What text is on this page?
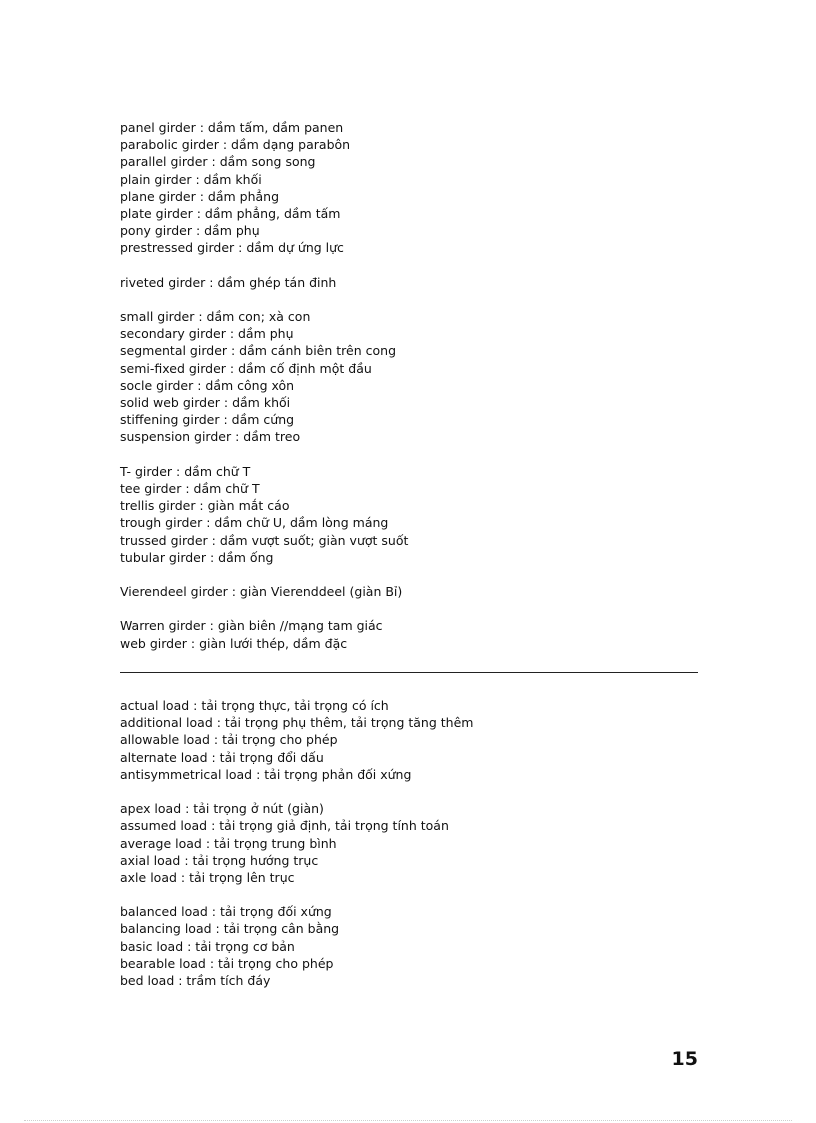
panel girder : dầm tấm, dầm panen
parabolic girder : dầm dạng parabôn
parallel girder : dầm song song
plain girder : dầm khối
plane girder : dầm phẳng
plate girder : dầm phẳng, dầm tấm
pony girder : dầm phụ
prestressed girder : dầm dự ứng lực
riveted girder : dầm ghép tán đinh
small girder : dầm con; xà con
secondary girder : dầm phụ
segmental girder : dầm cánh biên trên cong
semi-fixed girder : dầm cố định một đầu
socle girder : dầm công xôn
solid web girder : dầm khối
stiffening girder : dầm cứng
suspension girder : dầm treo
T- girder : dầm chữ T
tee girder : dầm chữ T
trellis girder : giàn mắt cáo
trough girder : dầm chữ U, dầm lòng máng
trussed girder : dầm vượt suốt; giàn vượt suốt
tubular girder : dầm ống
Vierendeel girder : giàn Vierenddeel (giàn Bỉ)
Warren girder : giàn biên //mạng tam giác
web girder : giàn lưới thép, dầm đặc
actual load : tải trọng thực, tải trọng có ích
additional load : tải trọng phụ thêm, tải trọng tăng thêm
allowable load : tải trọng cho phép
alternate load : tải trọng đổi dấu
antisymmetrical load : tải trọng phản đối xứng
apex load : tải trọng ở nút (giàn)
assumed load : tải trọng giả định, tải trọng tính toán
average load : tải trọng trung bình
axial load : tải trọng hướng trục
axle load : tải trọng lên trục
balanced load : tải trọng đối xứng
balancing load : tải trọng cân bằng
basic load : tải trọng cơ bản
bearable load : tải trọng cho phép
bed load : trầm tích đáy
15
